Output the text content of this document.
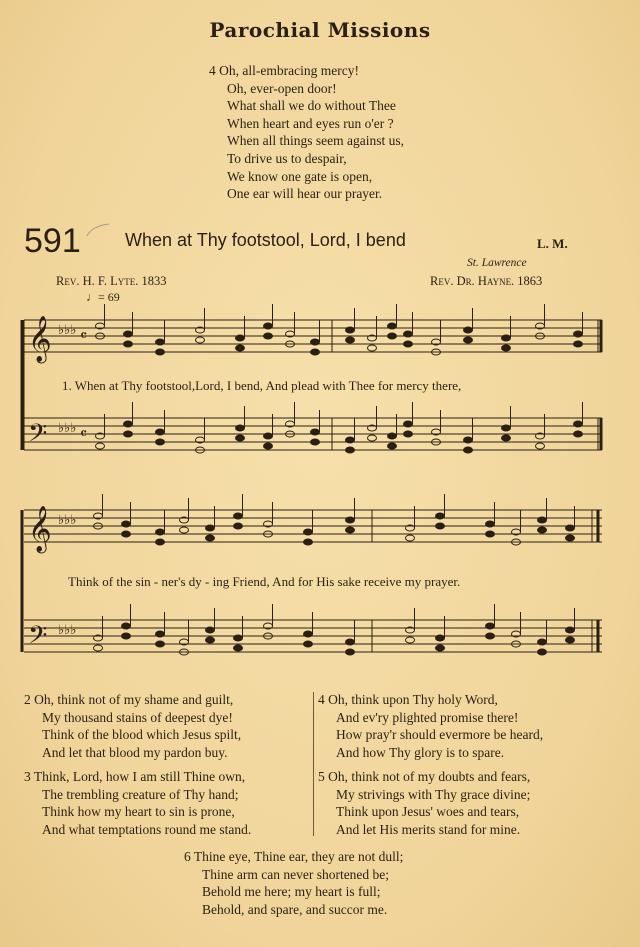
Parochial Missions
4 Oh, all-embracing mercy!
Oh, ever-open door!
What shall we do without Thee
When heart and eyes run o'er ?
When all things seem against us,
To drive us to despair,
We know one gate is open,
One ear will hear our prayer.
591 When at Thy footstool, Lord, I bend	L. M.
St. Lawrence
Rev. H. F. Lyte. 1833	Rev. Dr. Hayne. 1863
♩= 69
𝄞
𝄢
♭♭♭
♭♭♭
𝄴
𝄴
1. When at Thy footstool,Lord, I bend, And plead with Thee for mercy there,
𝄞
𝄢
♭♭♭
♭♭♭
Think of the sin - ner's dy - ing Friend, And for His sake receive my prayer.
2 Oh, think not of my shame and guilt,
My thousand stains of deepest dye!
Think of the blood which Jesus spilt,
And let that blood my pardon buy.
3 Think, Lord, how I am still Thine own,
The trembling creature of Thy hand;
Think how my heart to sin is prone,
And what temptations round me stand.
4 Oh, think upon Thy holy Word,
And ev'ry plighted promise there!
How pray'r should evermore be heard,
And how Thy glory is to spare.
5 Oh, think not of my doubts and fears,
My strivings with Thy grace divine;
Think upon Jesus' woes and tears,
And let His merits stand for mine.
6 Thine eye, Thine ear, they are not dull;
Thine arm can never shortened be;
Behold me here; my heart is full;
Behold, and spare, and succor me.
